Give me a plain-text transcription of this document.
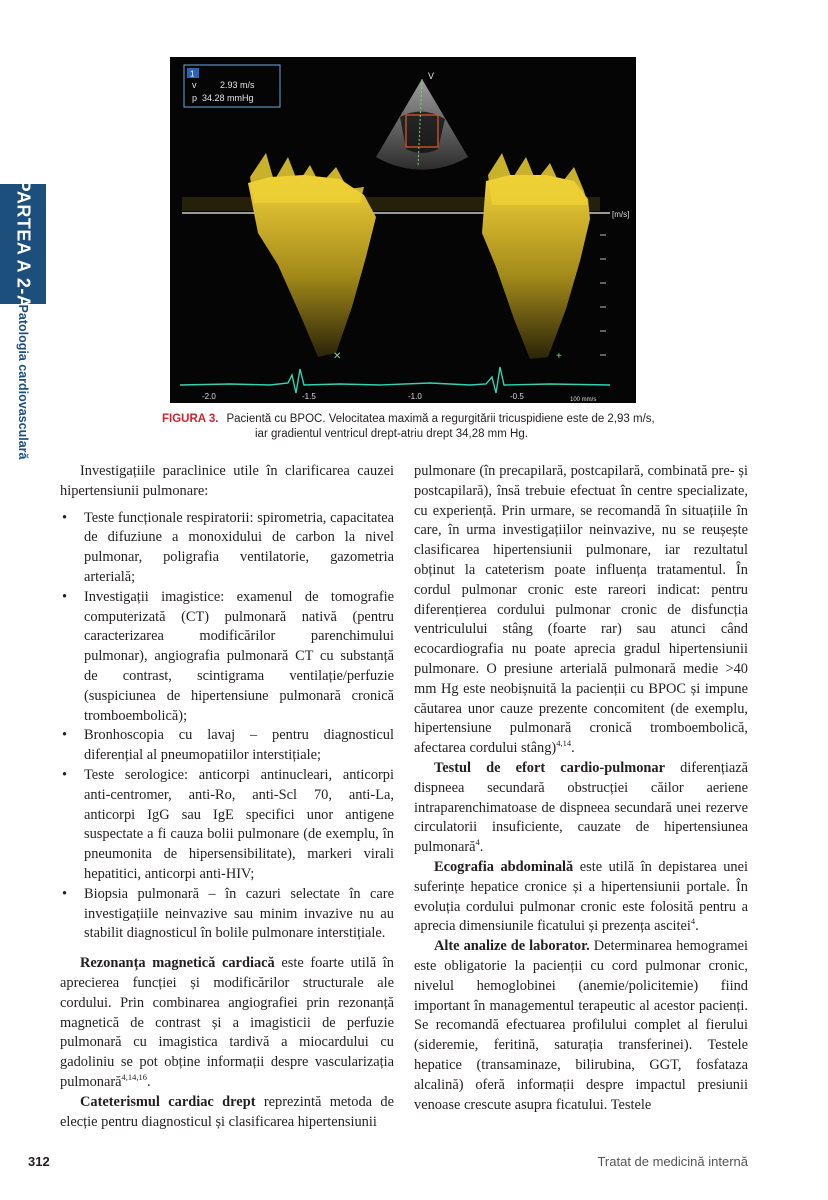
PARTEA A 2-A
Patologia cardiovasculară
1
v	2.93 m/s
p 34.28 mmHg
V
[m/s]
✕	+
-2.0	-1.5	-1.0	-0.5	100 mm/s
FIGURA 3. Pacientă cu BPOC. Velocitatea maximă a regurgitării tricuspidiene este de 2,93 m/s,
iar gradientul ventricul drept-atriu drept 34,28 mm Hg.

Investigațiile paraclinice utile în clarificarea cauzei hipertensiunii pulmonare:

• Teste funcționale respiratorii: spirometria, capacitatea de difuziune a monoxidului de carbon la nivel pulmonar, poligrafia ventilatorie, gazometria arterială;
• Investigații imagistice: examenul de tomografie computerizată (CT) pulmonară nativă (pentru caracterizarea modificărilor parenchimului pulmonar), angiografia pulmonară CT cu substanță de contrast, scintigrama ventilație/perfuzie (suspiciunea de hipertensiune pulmonară cronică tromboembolică);
• Bronhoscopia cu lavaj – pentru diagnosticul diferențial al pneumopatiilor interstițiale;
• Teste serologice: anticorpi antinucleari, anticorpi anti-centromer, anti-Ro, anti-Scl 70, anti-La, anticorpi IgG sau IgE specifici unor antigene suspectate a fi cauza bolii pulmonare (de exemplu, în pneumonita de hipersensibilitate), markeri virali hepatitici, anticorpi anti-HIV;
• Biopsia pulmonară – în cazuri selectate în care investigațiile neinvazive sau minim invazive nu au stabilit diagnosticul în bolile pulmonare interstițiale.

Rezonanța magnetică cardiacă este foarte utilă în aprecierea funcției și modificărilor structurale ale cordului. Prin combinarea angiografiei prin rezonanță magnetică de contrast și a imagisticii de perfuzie pulmonară cu imagistica tardivă a miocardului cu gadoliniu se pot obține informații despre vascularizația pulmonară$^{4,14,16}$.

Cateterismul cardiac drept reprezintă metoda de elecție pentru diagnosticul și clasificarea hipertensiunii

pulmonare (în precapilară, postcapilară, combinată pre- și postcapilară), însă trebuie efectuat în centre specializate, cu experiență. Prin urmare, se recomandă în situațiile în care, în urma investigațiilor neinvazive, nu se reușește clasificarea hipertensiunii pulmonare, iar rezultatul obținut la cateterism poate influența tratamentul. În cordul pulmonar cronic este rareori indicat: pentru diferențierea cordului pulmonar cronic de disfuncția ventriculului stâng (foarte rar) sau atunci când ecocardiografia nu poate aprecia gradul hipertensiunii pulmonare. O presiune arterială pulmonară medie >40 mm Hg este neobișnuită la pacienții cu BPOC și impune căutarea unor cauze prezente concomitent (de exemplu, hipertensiune pulmonară cronică tromboembolică, afectarea cordului stâng)$^{4,14}$.

Testul de efort cardio-pulmonar diferențiază dispneea secundară obstrucției căilor aeriene intraparenchimatoase de dispneea secundară unei rezerve circulatorii insuficiente, cauzate de hipertensiunea pulmonară$^4$.

Ecografia abdominală este utilă în depistarea unei suferințe hepatice cronice și a hipertensiunii portale. În evoluția cordului pulmonar cronic este folosită pentru a aprecia dimensiunile ficatului și prezența ascitei$^4$.

Alte analize de laborator. Determinarea hemogramei este obligatorie la pacienții cu cord pulmonar cronic, nivelul hemoglobinei (anemie/policitemie) fiind important în managementul terapeutic al acestor pacienți. Se recomandă efectuarea profilului complet al fierului (sideremie, feritină, saturația transferinei). Testele hepatice (transaminaze, bilirubina, GGT, fosfataza alcalină) oferă informații despre impactul presiunii venoase crescute asupra ficatului. Testele

312	Tratat de medicină internă
